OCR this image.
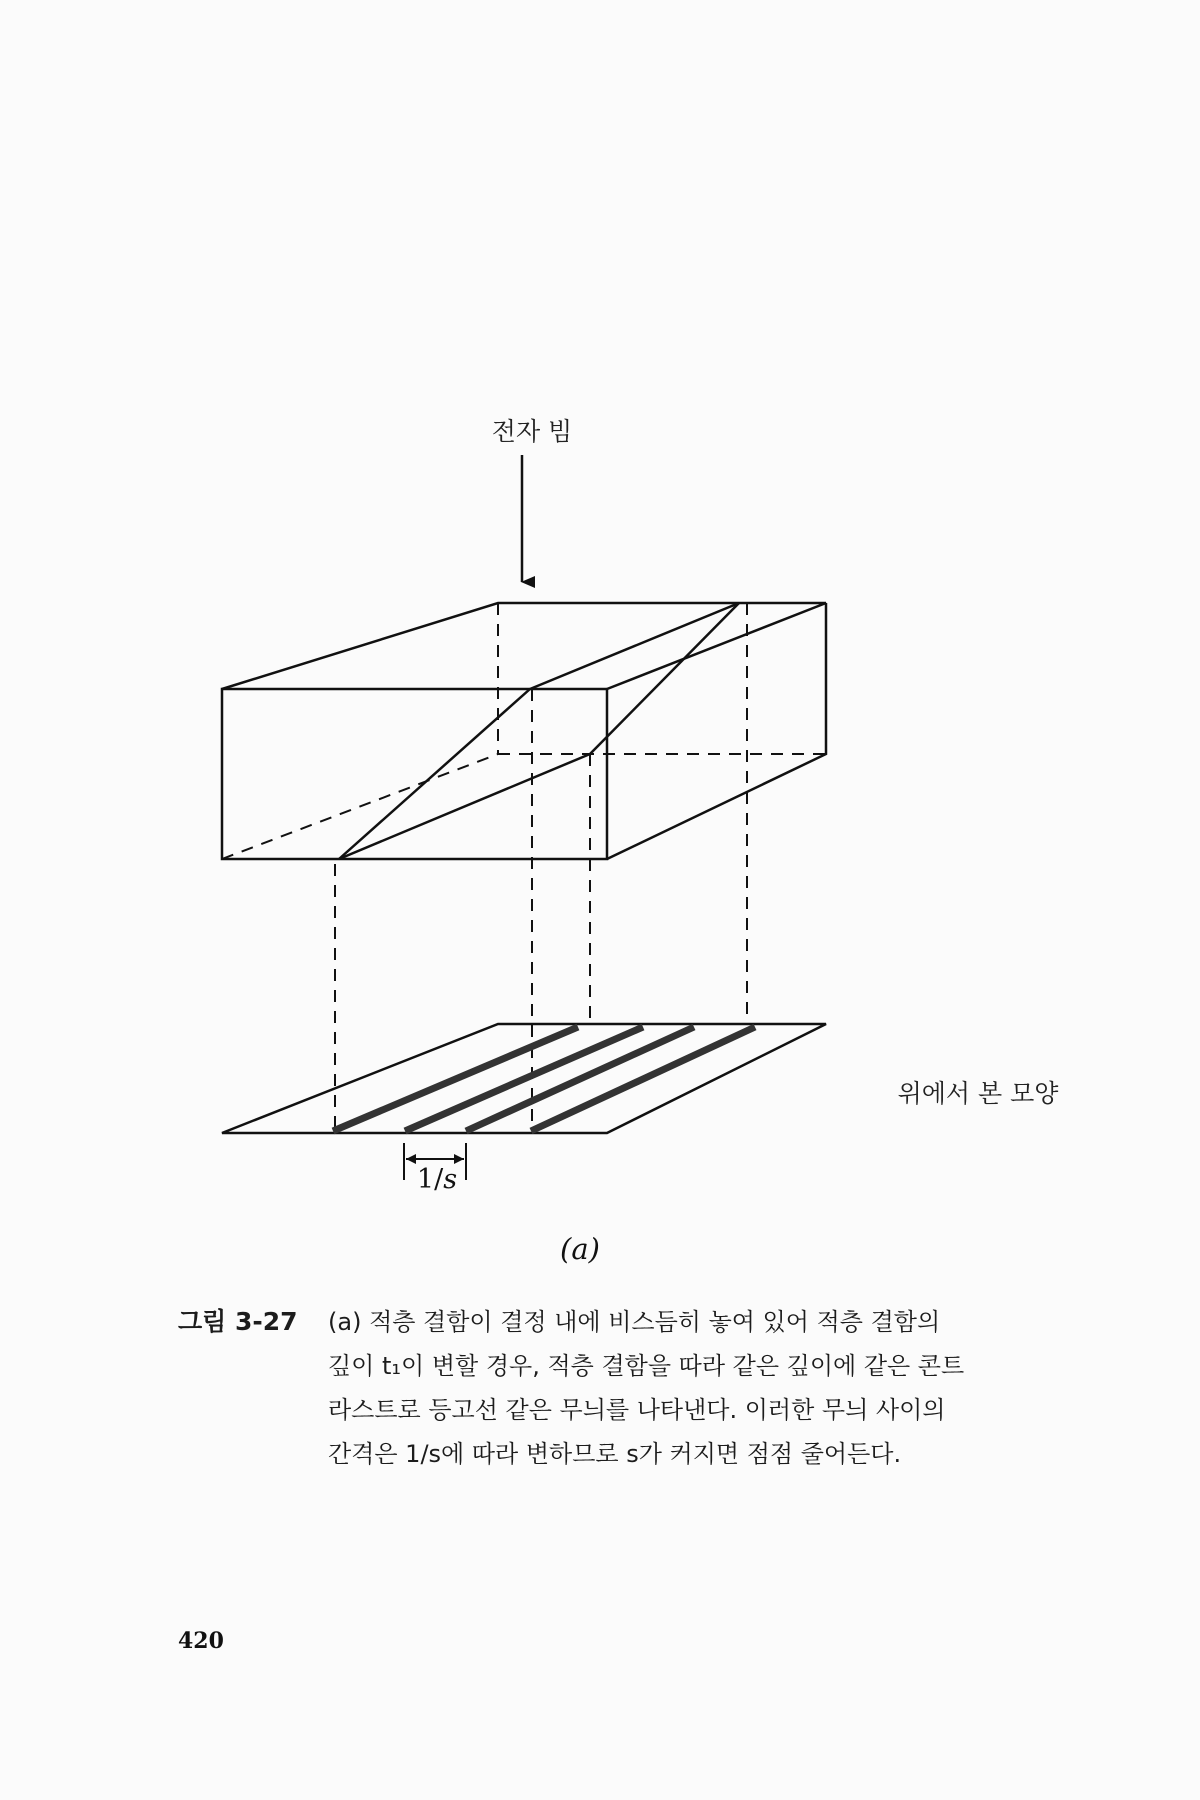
전자 빔
1/s
위에서 본 모양
(a)
그림 3-27 (a) 적층 결함이 결정 내에 비스듬히 놓여 있어 적층 결함의
깊이 t₁이 변할 경우, 적층 결함을 따라 같은 깊이에 같은 콘트
라스트로 등고선 같은 무늬를 나타낸다. 이러한 무늬 사이의
간격은 1/s에 따라 변하므로 s가 커지면 점점 줄어든다.
420
